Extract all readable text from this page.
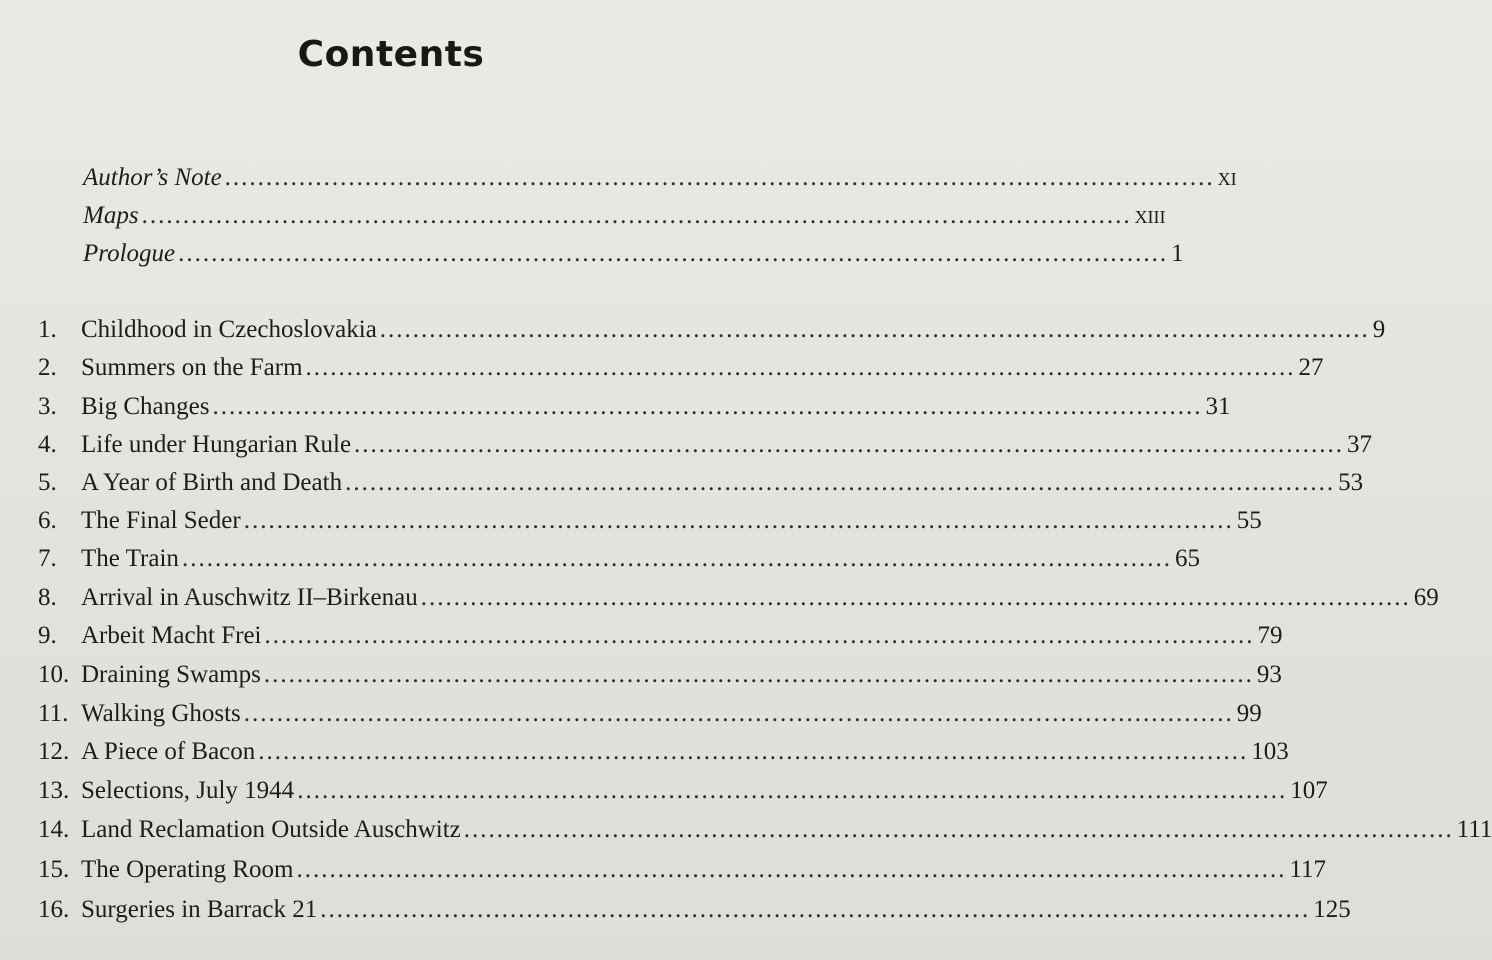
Contents
Author’s Note ........................................................................................................................ xi
Maps ........................................................................................................................ xiii
Prologue ........................................................................................................................ 1
1. Childhood in Czechoslovakia ........................................................................................................................ 9
2. Summers on the Farm ........................................................................................................................ 27
3. Big Changes ........................................................................................................................ 31
4. Life under Hungarian Rule ........................................................................................................................ 37
5. A Year of Birth and Death ........................................................................................................................ 53
6. The Final Seder ........................................................................................................................ 55
7. The Train ........................................................................................................................ 65
8. Arrival in Auschwitz II–Birkenau ........................................................................................................................ 69
9. Arbeit Macht Frei ........................................................................................................................ 79
10. Draining Swamps ........................................................................................................................ 93
11. Walking Ghosts ........................................................................................................................ 99
12. A Piece of Bacon ........................................................................................................................ 103
13. Selections, July 1944 ........................................................................................................................ 107
14. Land Reclamation Outside Auschwitz ........................................................................................................................ 111
15. The Operating Room ........................................................................................................................ 117
16. Surgeries in Barrack 21 ........................................................................................................................ 125
